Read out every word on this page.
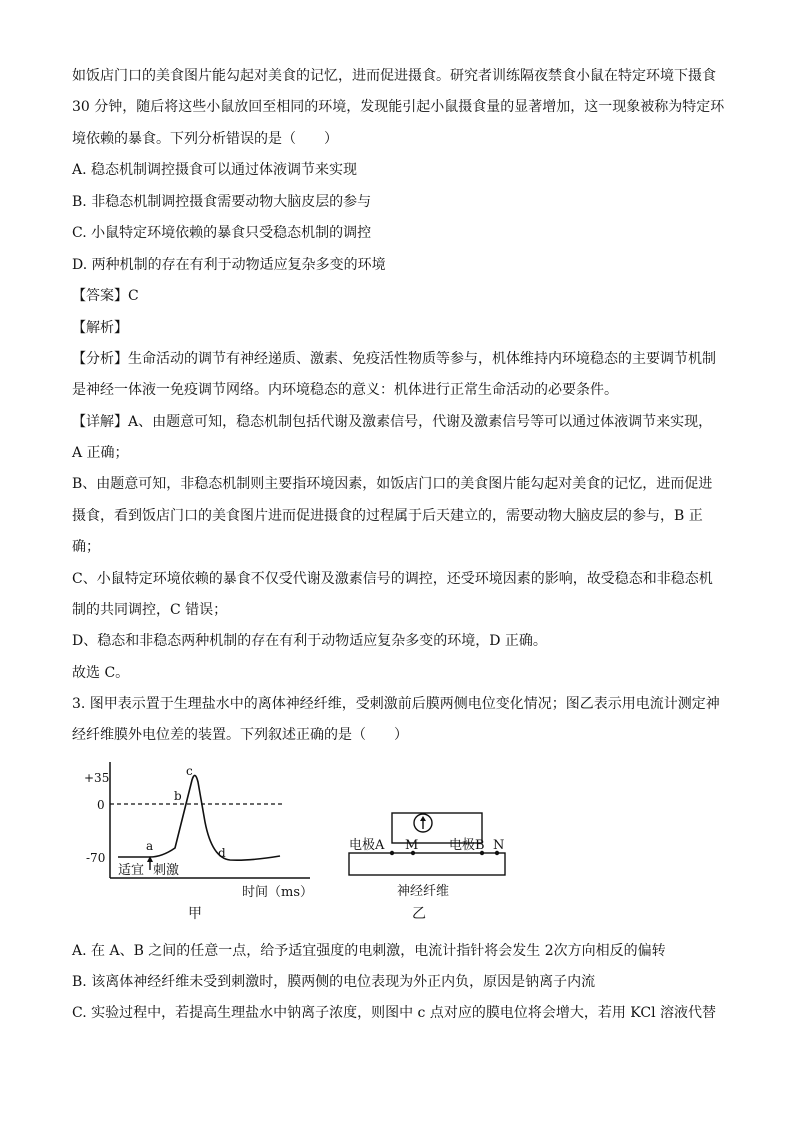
如饭店门口的美食图片能勾起对美食的记忆，进而促进摄食。研究者训练隔夜禁食小鼠在特定环境下摄食
30 分钟，随后将这些小鼠放回至相同的环境，发现能引起小鼠摄食量的显著增加，这一现象被称为特定环
境依赖的暴食。下列分析错误的是（　　）
A. 稳态机制调控摄食可以通过体液调节来实现
B. 非稳态机制调控摄食需要动物大脑皮层的参与
C. 小鼠特定环境依赖的暴食只受稳态机制的调控
D. 两种机制的存在有利于动物适应复杂多变的环境
【答案】C
【解析】
【分析】生命活动的调节有神经递质、激素、免疫活性物质等参与，机体维持内环境稳态的主要调节机制
是神经一体液一免疫调节网络。内环境稳态的意义：机体进行正常生命活动的必要条件。
【详解】A、由题意可知，稳态机制包括代谢及激素信号，代谢及激素信号等可以通过体液调节来实现，
A 正确；
B、由题意可知，非稳态机制则主要指环境因素，如饭店门口的美食图片能勾起对美食的记忆，进而促进
摄食，看到饭店门口的美食图片进而促进摄食的过程属于后天建立的，需要动物大脑皮层的参与，B 正
确；
C、小鼠特定环境依赖的暴食不仅受代谢及激素信号的调控，还受环境因素的影响，故受稳态和非稳态机
制的共同调控，C 错误；
D、稳态和非稳态两种机制的存在有利于动物适应复杂多变的环境，D 正确。
故选 C。
3. 图甲表示置于生理盐水中的离体神经纤维，受刺激前后膜两侧电位变化情况；图乙表示用电流计测定神
经纤维膜外电位差的装置。下列叙述正确的是（　　）
A. 在 A、B 之间的任意一点，给予适宜强度的电刺激，电流计指针将会发生 2次方向相反的偏转
B. 该离体神经纤维未受到刺激时，膜两侧的电位表现为外正内负，原因是钠离子内流
C. 实验过程中，若提高生理盐水中钠离子浓度，则图中 c 点对应的膜电位将会增大，若用 KCl 溶液代替
+35
0
-70
a
b
c
d
适宜 刺激
时间（ms）
甲
电极A M 电极B N
神经纤维
乙
